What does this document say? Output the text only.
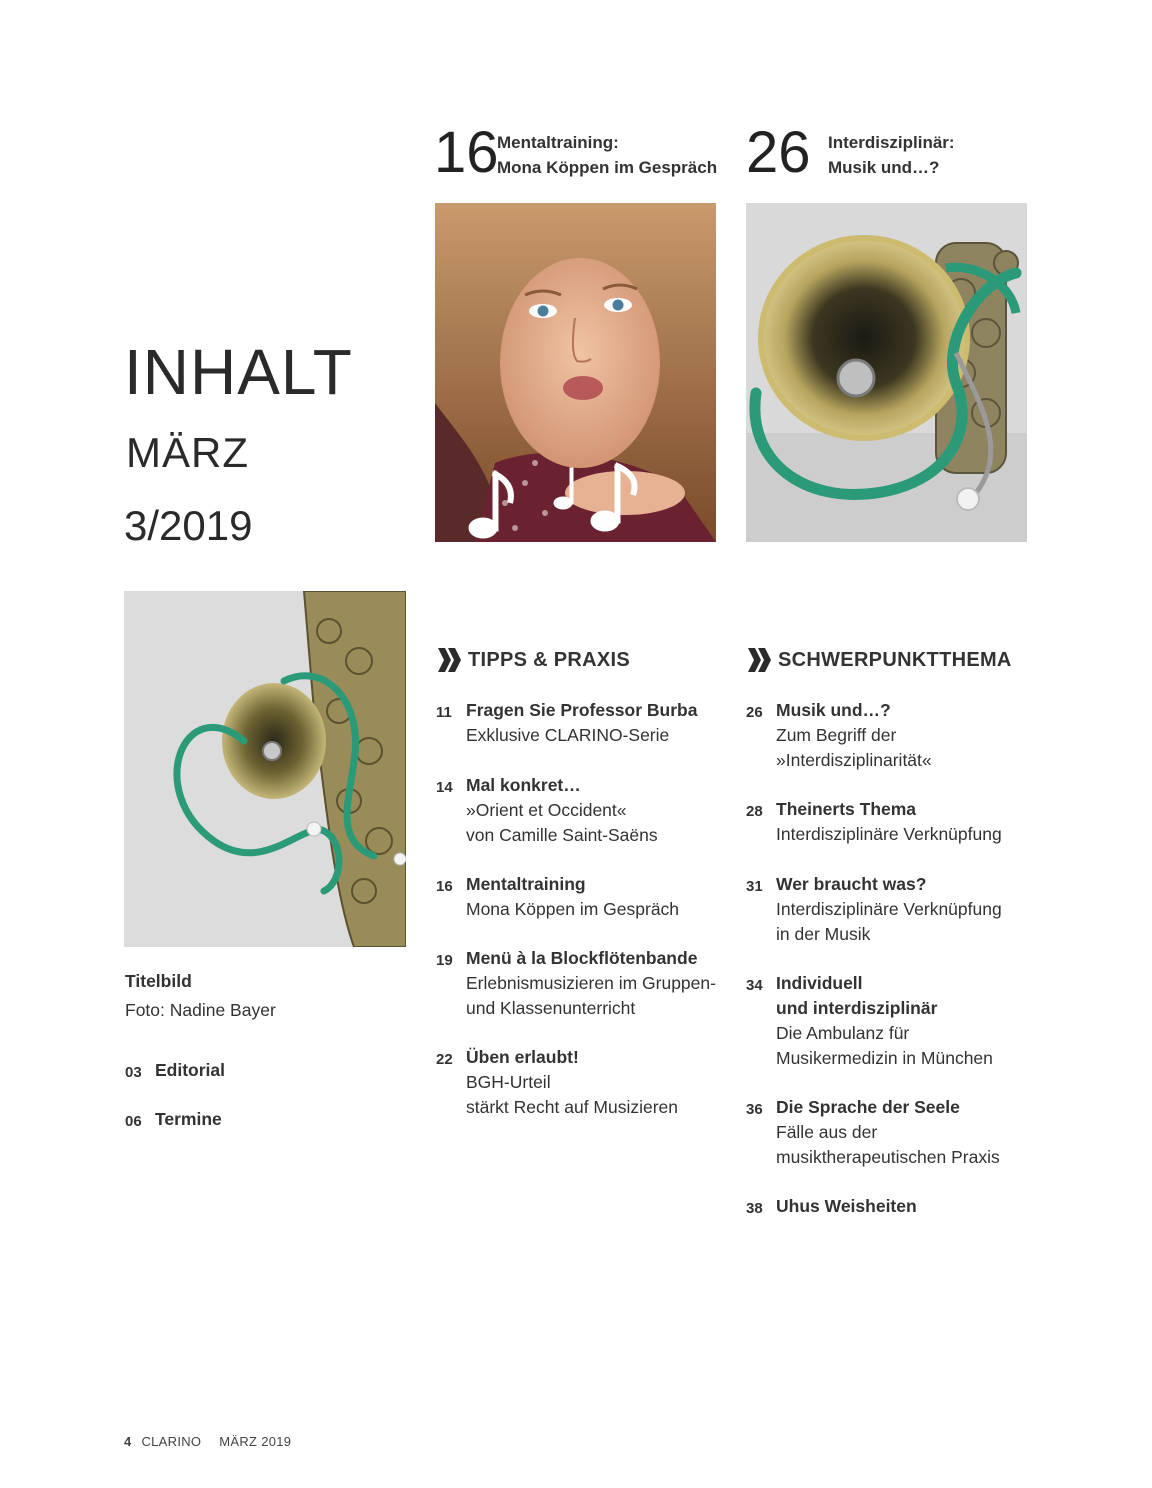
INHALT
MÄRZ
3/2019
16
Mentaltraining:
Mona Köppen im Gespräch 26 Interdisziplinär:
Musik und…?
Titelbild
Foto: Nadine Bayer
03 Editorial
06 Termine
TIPPS & PRAXIS	SCHWERPUNKTTHEMA
11 Fragen Sie Professor Burba
Exklusive CLARINO-Serie
14 Mal konkret…
»Orient et Occident«
von Camille Saint-Saëns
16 Mentaltraining
Mona Köppen im Gespräch
19 Menü à la Blockflötenbande
Erlebnismusizieren im Gruppen-
und Klassenunterricht
22 Üben erlaubt!
BGH-Urteil
stärkt Recht auf Musizieren
26 Musik und…?
Zum Begriff der
»Interdisziplinarität«
28 Theinerts Thema
Interdisziplinäre Verknüpfung
31 Wer braucht was?
Interdisziplinäre Verknüpfung
in der Musik
34 Individuell
und interdisziplinär
Die Ambulanz für
Musikermedizin in München
36 Die Sprache der Seele
Fälle aus der
musiktherapeutischen Praxis
38 Uhus Weisheiten
4 CLARINO MÄRZ 2019
